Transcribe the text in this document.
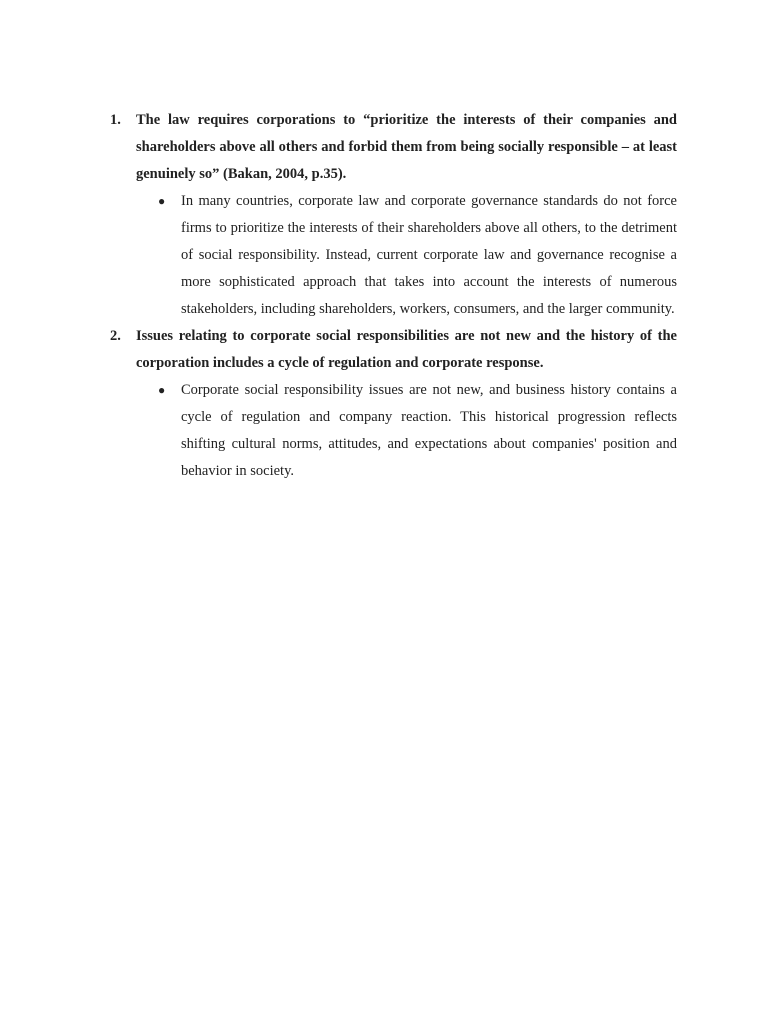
1. The law requires corporations to “prioritize the interests of their companies and shareholders above all others and forbid them from being socially responsible – at least genuinely so” (Bakan, 2004, p.35).

● In many countries, corporate law and corporate governance standards do not force firms to prioritize the interests of their shareholders above all others, to the detriment of social responsibility. Instead, current corporate law and governance recognise a more sophisticated approach that takes into account the interests of numerous stakeholders, including shareholders, workers, consumers, and the larger community.

2. Issues relating to corporate social responsibilities are not new and the history of the corporation includes a cycle of regulation and corporate response.

● Corporate social responsibility issues are not new, and business history contains a cycle of regulation and company reaction. This historical progression reflects shifting cultural norms, attitudes, and expectations about companies' position and behavior in society.
